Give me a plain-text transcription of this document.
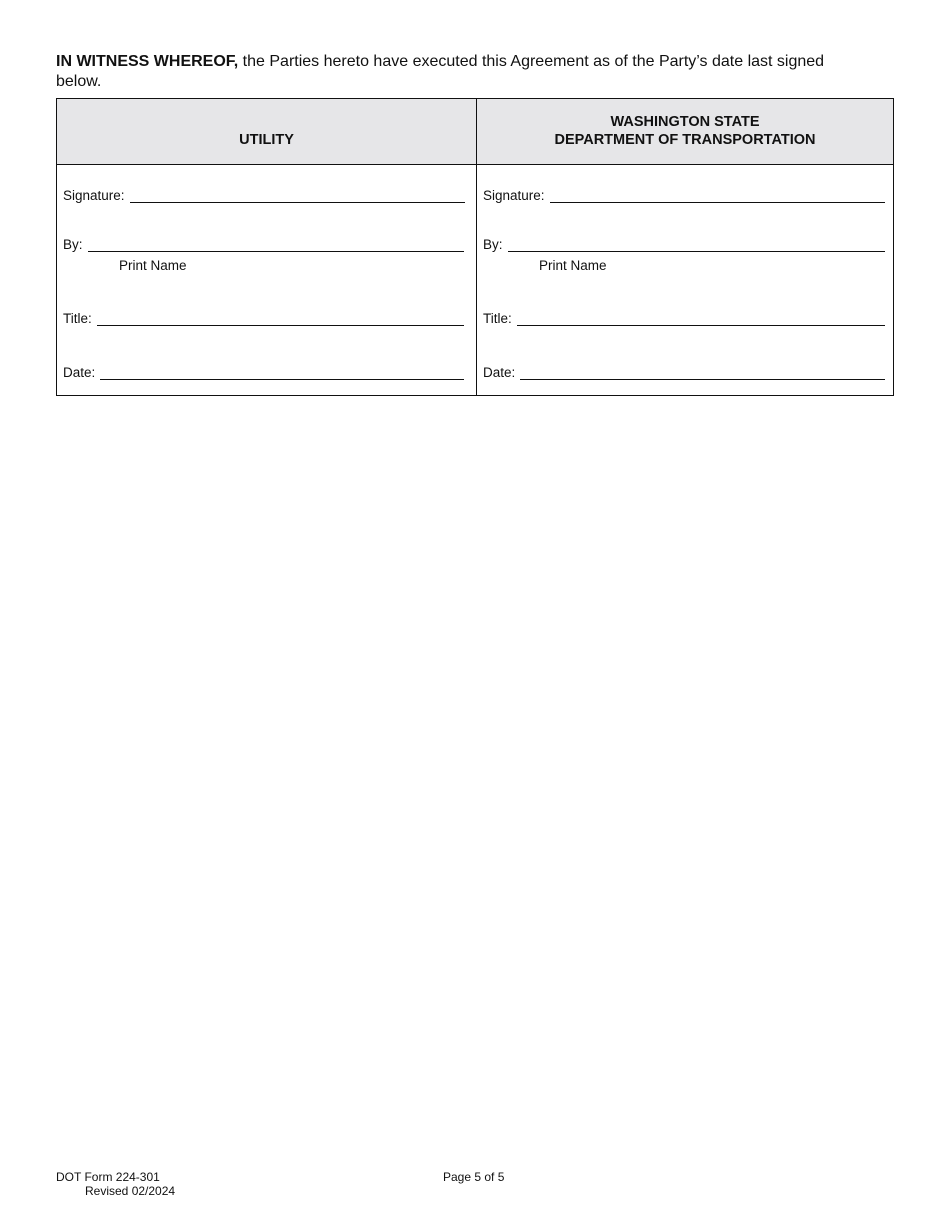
IN WITNESS WHEREOF, the Parties hereto have executed this Agreement as of the Party’s date last signed below.
UTILITY
Signature:
By:
Print Name
Title:
Date:
WASHINGTON STATE
DEPARTMENT OF TRANSPORTATION
Signature:
By:
Print Name
Title:
Date:
DOT Form 224-301
Revised 02/2024
Page 5 of 5
